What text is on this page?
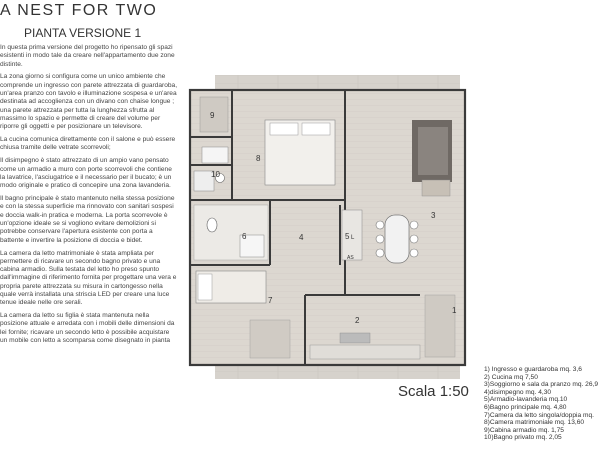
A NEST FOR TWO
PIANTA VERSIONE 1

In questa prima versione del progetto ho ripensato gli spazi esistenti in modo tale da creare nell'appartamento due zone distinte.

La zona giorno si configura come un unico ambiente che comprende un ingresso con parete attrezzata di guardaroba, un'area pranzo con tavolo e illuminazione sospesa e un'area destinata ad accoglienza con un divano con chaise longue ; una parete attrezzata per tutta la lunghezza sfrutta al massimo lo spazio e permette di creare del volume per riporre gli oggetti e per posizionare un televisore.

La cucina comunica direttamente con il salone e può essere chiusa tramite delle vetrate scorrevoli;

Il disimpegno è stato attrezzato di un ampio vano pensato come un armadio a muro con porte scorrevoli che contiene la lavatrice, l'asciugatrice e il necessario per il bucato; è un modo originale e pratico di concepire una zona lavanderia.

Il bagno principale è stato mantenuto nella stessa posizione e con la stessa superficie ma rinnovato con sanitari sospesi e doccia walk-in pratica e moderna. La porta scorrevole è un'opzione ideale se si vogliono evitare demolizioni si potrebbe conservare l'apertura esistente con porta a battente e invertire la posizione di doccia e bidet.

La camera da letto matrimoniale è stata ampliata per permettere di ricavare un secondo bagno privato e una cabina armadio. Sulla testata del letto ho preso spunto dall'immagine di riferimento fornita per progettare una vera e propria parete attrezzata su misura in cartongesso nella quale verrà installata una striscia LED per creare una luce tenue ideale nelle ore serali.

La camera da letto su figlia è stata mantenuta nella posizione attuale e arredata con i mobili delle dimensioni da lei fornite; ricavare un secondo letto è possibile acquistare un mobile con letto a scomparsa come disegnato in pianta

9
8
10
6	4	5 L
AS
3
7
2
1
Scala 1:50
1) Ingresso e guardaroba mq. 3,6
2) Cucina mq 7,50
3)Soggiorno e sala da pranzo mq. 26,9
4)disimpegno mq. 4,30
5)Armadio-lavanderia mq.10
6)Bagno principale mq. 4,80
7)Camera da letto singola/doppia mq.
8)Camera matrimoniale mq. 13,60
9)Cabina armadio mq. 1,75
10)Bagno privato mq. 2,05
